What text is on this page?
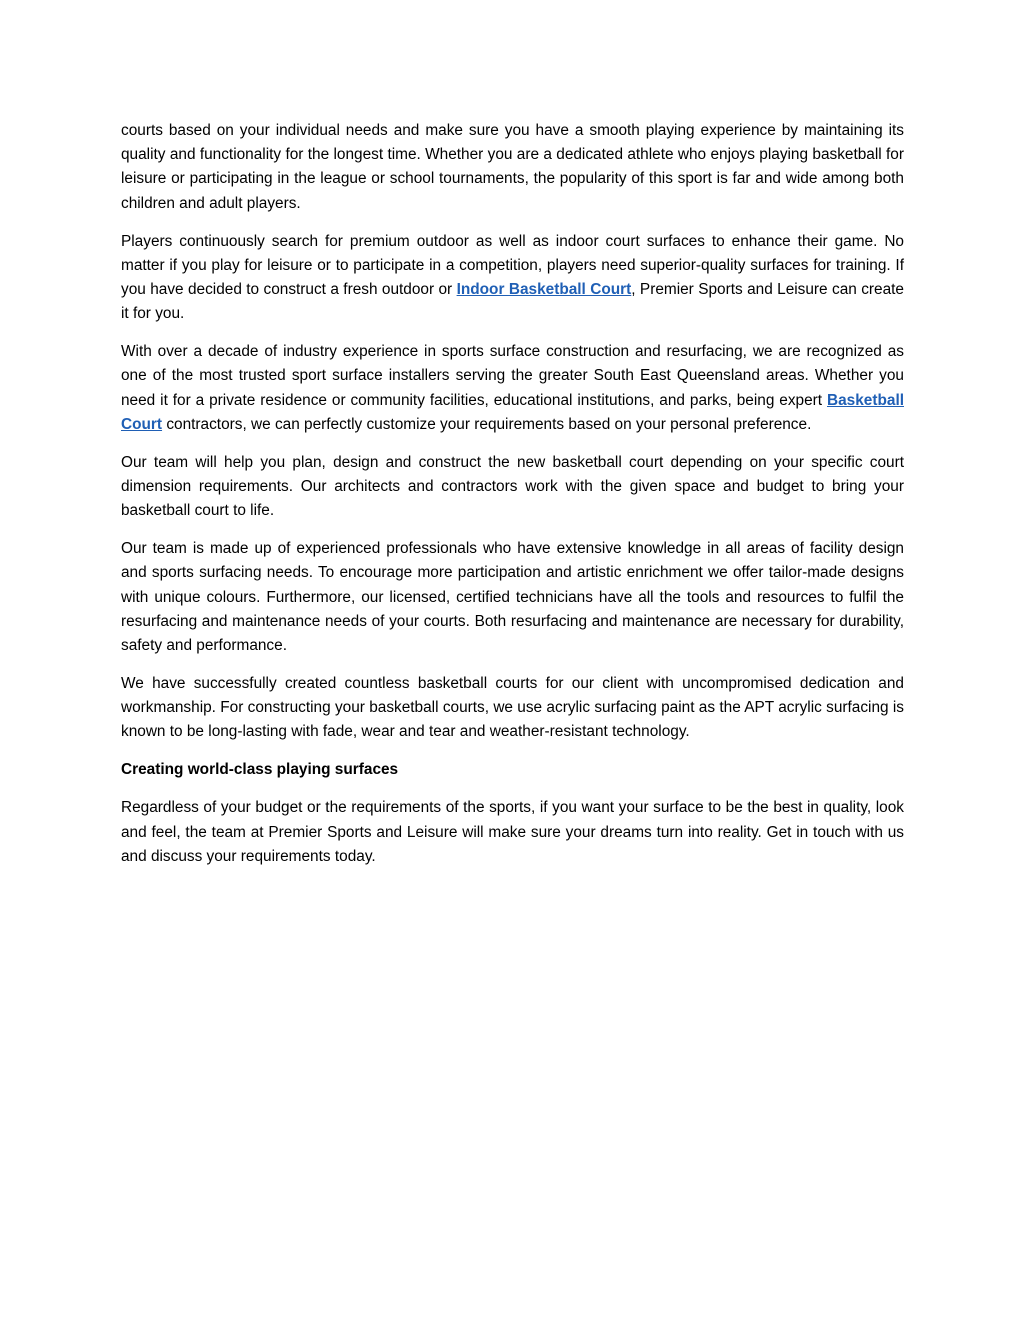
courts based on your individual needs and make sure you have a smooth playing experience by maintaining its quality and functionality for the longest time. Whether you are a dedicated athlete who enjoys playing basketball for leisure or participating in the league or school tournaments, the popularity of this sport is far and wide among both children and adult players.

Players continuously search for premium outdoor as well as indoor court surfaces to enhance their game. No matter if you play for leisure or to participate in a competition, players need superior-quality surfaces for training. If you have decided to construct a fresh outdoor or Indoor Basketball Court, Premier Sports and Leisure can create it for you.

With over a decade of industry experience in sports surface construction and resurfacing, we are recognized as one of the most trusted sport surface installers serving the greater South East Queensland areas. Whether you need it for a private residence or community facilities, educational institutions, and parks, being expert Basketball Court contractors, we can perfectly customize your requirements based on your personal preference.

Our team will help you plan, design and construct the new basketball court depending on your specific court dimension requirements. Our architects and contractors work with the given space and budget to bring your basketball court to life.

Our team is made up of experienced professionals who have extensive knowledge in all areas of facility design and sports surfacing needs. To encourage more participation and artistic enrichment we offer tailor-made designs with unique colours. Furthermore, our licensed, certified technicians have all the tools and resources to fulfil the resurfacing and maintenance needs of your courts. Both resurfacing and maintenance are necessary for durability, safety and performance.

We have successfully created countless basketball courts for our client with uncompromised dedication and workmanship. For constructing your basketball courts, we use acrylic surfacing paint as the APT acrylic surfacing is known to be long-lasting with fade, wear and tear and weather-resistant technology.

Creating world-class playing surfaces

Regardless of your budget or the requirements of the sports, if you want your surface to be the best in quality, look and feel, the team at Premier Sports and Leisure will make sure your dreams turn into reality. Get in touch with us and discuss your requirements today.
